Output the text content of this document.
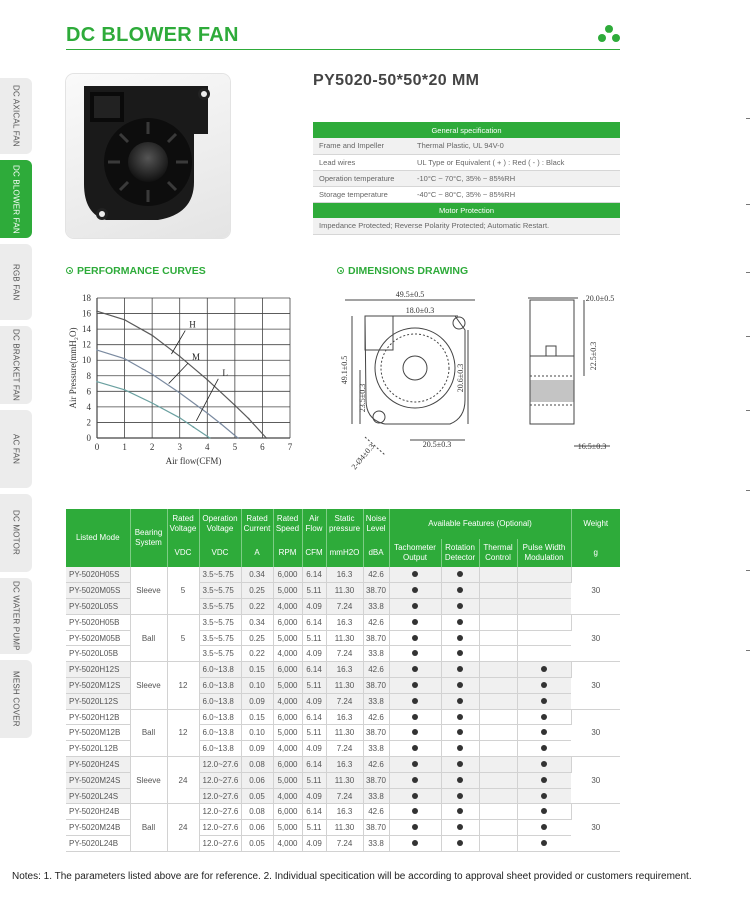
DC BLOWER FAN
DC AXICAL FAN
DC BLOWER FAN
RGB FAN
DC BRACKET FAN
AC FAN
DC MOTOR
DC WATER PUMP
MESH COVER
PY5020-50*50*20 MM
General specification	
Frame and Impeller	Thermal Plastic, UL 94V-0
Lead wires	UL Type or Equivalent ( + ) : Red ( - ) : Black
Operation temperature	-10°C ~ 70°C, 35% ~ 85%RH
Storage temperature	-40°C ~ 80°C, 35% ~ 85%RH
Motor Protection	
Impedance Protected; Reverse Polarity Protected; Automatic Restart.	
PERFORMANCE CURVES	DIMENSIONS DRAWING
0	1	2	3	4	5	6	7
0
2
4
6
8
10
12
14
16
18
Air flow(CFM)
Air Pressure(mmH₂O)
H
M
L
49.5±0.5
18.0±0.3
49.1±0.5
23.5±0.3
20.6±0.3
20.5±0.3
2-Ø4±0.3
20.0±0.5
22.5±0.3
16.5±0.3
Listed Mode	Bearing System	Rated Voltage	Operation Voltage	Rated Current	Rated Speed	Air Flow	Static pressure	Noise Level	Available Features (Optional)				Weight
		VDC	VDC	A	RPM	CFM	mmH2O	dBA	Tachometer Output	Rotation Detector	Thermal Control	Pulse Width Modulation	g
PY-5020H05S	Sleeve	5	3.5~5.75	0.34	6,000	6.14	16.3	42.6					30
PY-5020M05S			3.5~5.75	0.25	5,000	5.11	11.30	38.70					
PY-5020L05S			3.5~5.75	0.22	4,000	4.09	7.24	33.8					
PY-5020H05B	Ball	5	3.5~5.75	0.34	6,000	6.14	16.3	42.6					30
PY-5020M05B			3.5~5.75	0.25	5,000	5.11	11.30	38.70					
PY-5020L05B			3.5~5.75	0.22	4,000	4.09	7.24	33.8					
PY-5020H12S	Sleeve	12	6.0~13.8	0.15	6,000	6.14	16.3	42.6					30
PY-5020M12S			6.0~13.8	0.10	5,000	5.11	11.30	38.70					
PY-5020L12S			6.0~13.8	0.09	4,000	4.09	7.24	33.8					
PY-5020H12B	Ball	12	6.0~13.8	0.15	6,000	6.14	16.3	42.6					30
PY-5020M12B			6.0~13.8	0.10	5,000	5.11	11.30	38.70					
PY-5020L12B			6.0~13.8	0.09	4,000	4.09	7.24	33.8					
PY-5020H24S	Sleeve	24	12.0~27.6	0.08	6,000	6.14	16.3	42.6					30
PY-5020M24S			12.0~27.6	0.06	5,000	5.11	11.30	38.70					
PY-5020L24S			12.0~27.6	0.05	4,000	4.09	7.24	33.8					
PY-5020H24B	Ball	24	12.0~27.6	0.08	6,000	6.14	16.3	42.6					30
PY-5020M24B			12.0~27.6	0.06	5,000	5.11	11.30	38.70					
PY-5020L24B			12.0~27.6	0.05	4,000	4.09	7.24	33.8					
Notes: 1. The parameters listed above are for reference. 2. Individual specitication will be according to approval sheet provided or customers requirement.
